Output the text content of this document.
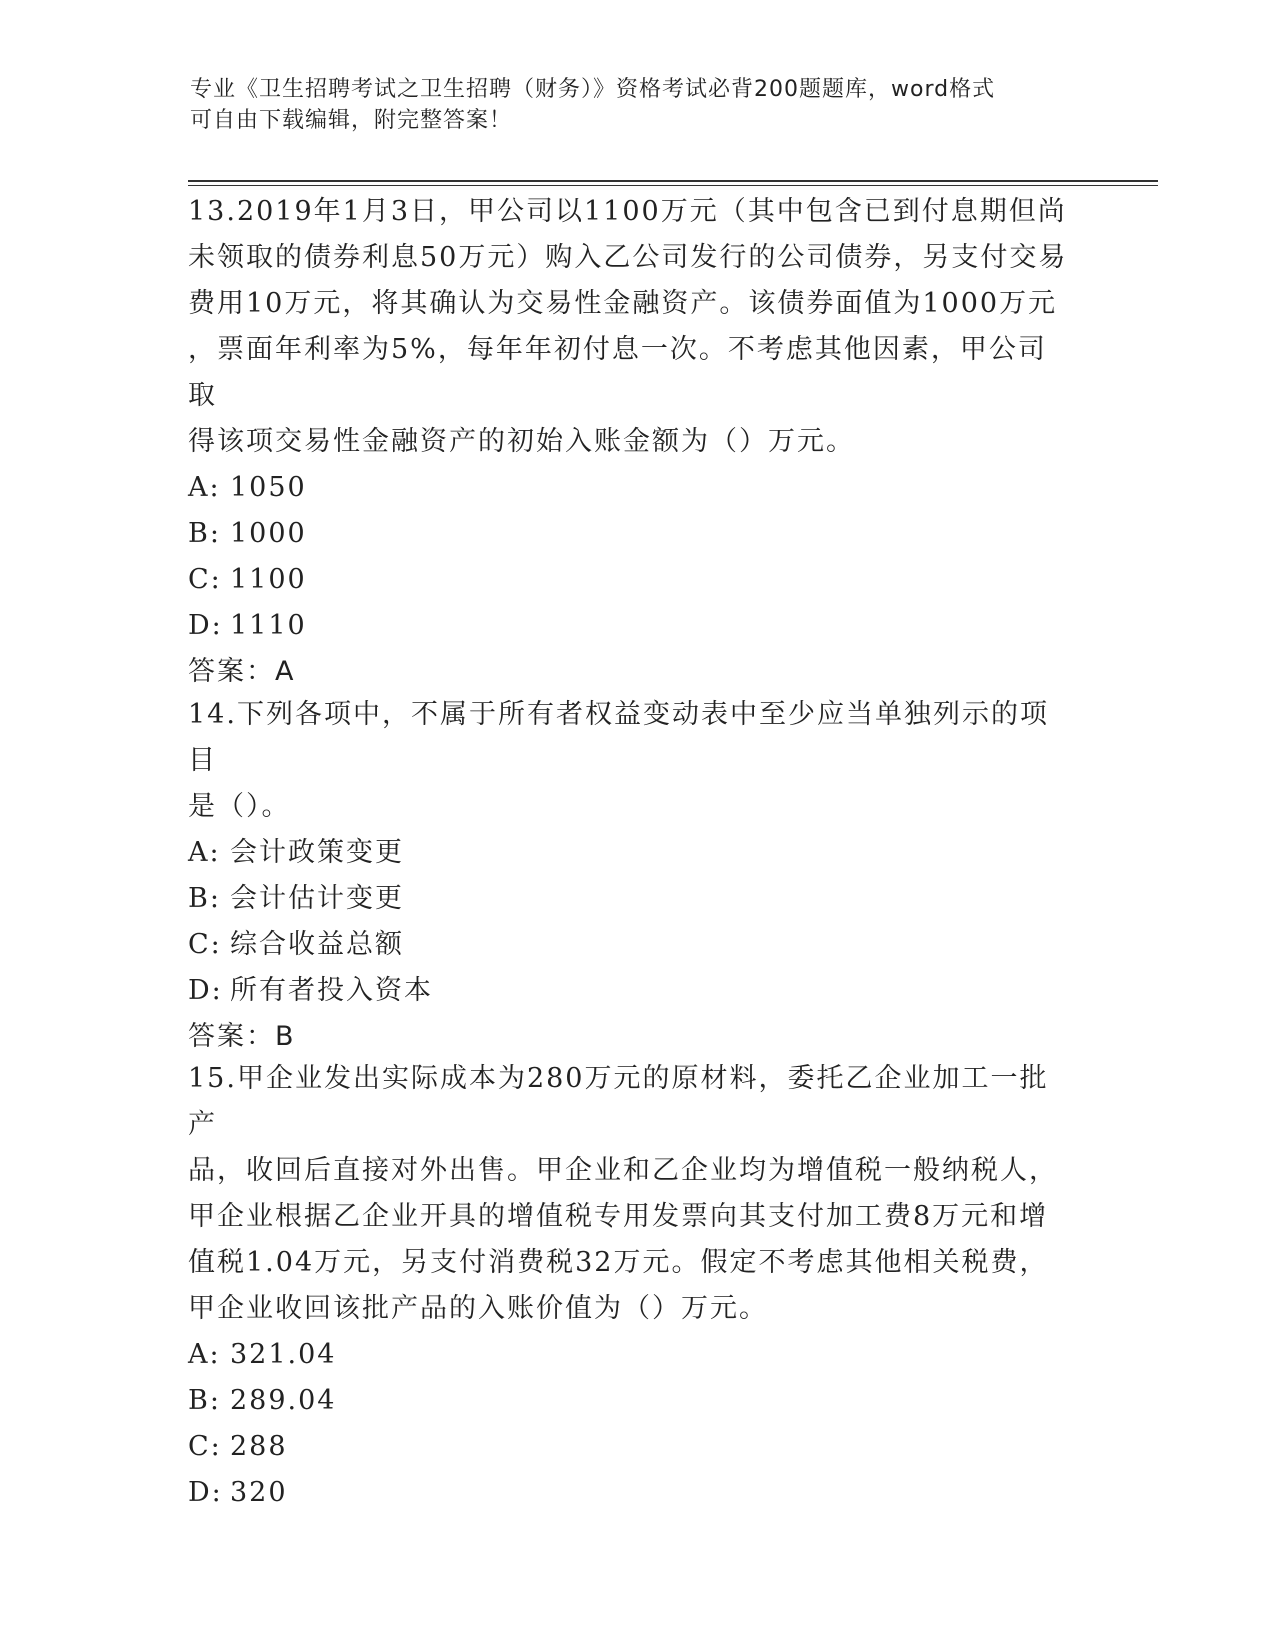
专业《卫生招聘考试之卫生招聘（财务）》资格考试必背200题题库，word格式
可自由下载编辑，附完整答案！

13.2019年1月3日，甲公司以1100万元（其中包含已到付息期但尚

未领取的债券利息50万元）购入乙公司发行的公司债券，另支付交易

费用10万元，将其确认为交易性金融资产。该债券面值为1000万元

，票面年利率为5%，每年年初付息一次。不考虑其他因素，甲公司取

得该项交易性金融资产的初始入账金额为（）万元。

A: 1050

B: 1000

C: 1100

D: 1110

答案：A

14.下列各项中，不属于所有者权益变动表中至少应当单独列示的项目

是（）。

A: 会计政策变更

B: 会计估计变更

C: 综合收益总额

D: 所有者投入资本

答案：B

15.甲企业发出实际成本为280万元的原材料，委托乙企业加工一批产

品，收回后直接对外出售。甲企业和乙企业均为增值税一般纳税人，

甲企业根据乙企业开具的增值税专用发票向其支付加工费8万元和增

值税1.04万元，另支付消费税32万元。假定不考虑其他相关税费，

甲企业收回该批产品的入账价值为（）万元。

A: 321.04

B: 289.04

C: 288

D: 320
